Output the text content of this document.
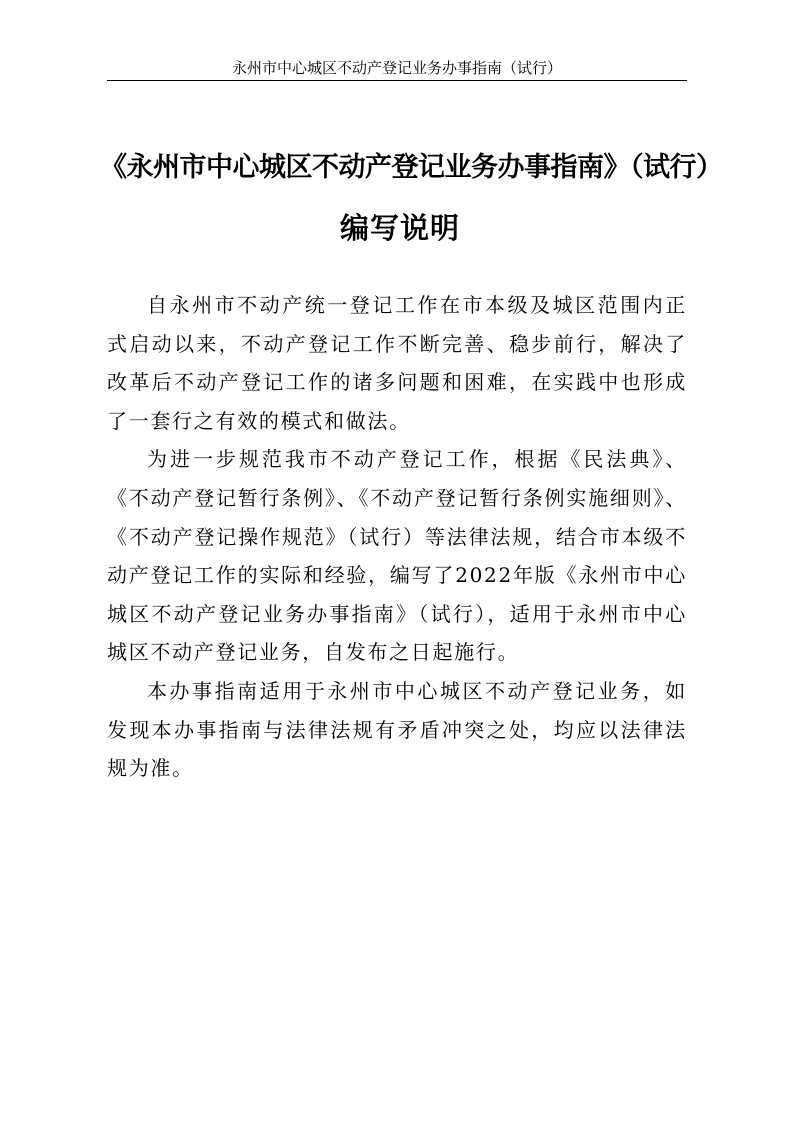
永州市中心城区不动产登记业务办事指南（试行）
《永州市中心城区不动产登记业务办事指南》（试行）
编写说明

自永州市不动产统一登记工作在市本级及城区范围内正式启动以来，不动产登记工作不断完善、稳步前行，解决了改革后不动产登记工作的诸多问题和困难，在实践中也形成了一套行之有效的模式和做法。

为进一步规范我市不动产登记工作，根据《民法典》、《不动产登记暂行条例》、《不动产登记暂行条例实施细则》、《不动产登记操作规范》（试行）等法律法规，结合市本级不动产登记工作的实际和经验，编写了2022年版《永州市中心城区不动产登记业务办事指南》（试行），适用于永州市中心城区不动产登记业务，自发布之日起施行。

本办事指南适用于永州市中心城区不动产登记业务，如发现本办事指南与法律法规有矛盾冲突之处，均应以法律法规为准。
